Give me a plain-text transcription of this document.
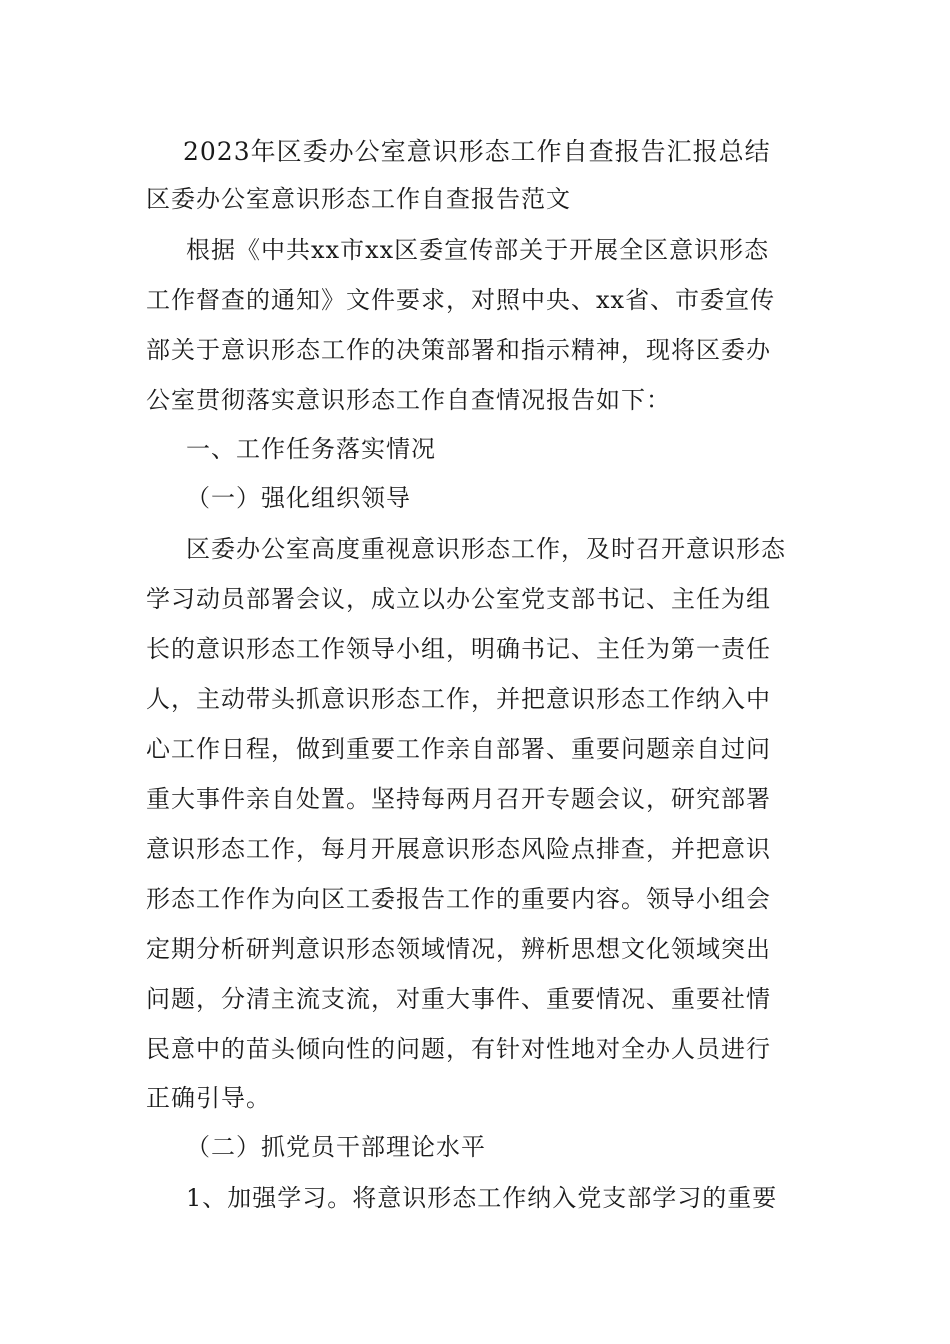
2023年区委办公室意识形态工作自查报告汇报总结
区委办公室意识形态工作自查报告范文
根据《中共xx市xx区委宣传部关于开展全区意识形态
工作督查的通知》文件要求，对照中央、xx省、市委宣传
部关于意识形态工作的决策部署和指示精神，现将区委办
公室贯彻落实意识形态工作自查情况报告如下：
一、工作任务落实情况
（一）强化组织领导
区委办公室高度重视意识形态工作，及时召开意识形态
学习动员部署会议，成立以办公室党支部书记、主任为组
长的意识形态工作领导小组，明确书记、主任为第一责任
人，主动带头抓意识形态工作，并把意识形态工作纳入中
心工作日程，做到重要工作亲自部署、重要问题亲自过问
重大事件亲自处置。坚持每两月召开专题会议，研究部署
意识形态工作，每月开展意识形态风险点排查，并把意识
形态工作作为向区工委报告工作的重要内容。领导小组会
定期分析研判意识形态领域情况，辨析思想文化领域突出
问题，分清主流支流，对重大事件、重要情况、重要社情
民意中的苗头倾向性的问题，有针对性地对全办人员进行
正确引导。
（二）抓党员干部理论水平
1、加强学习。将意识形态工作纳入党支部学习的重要
